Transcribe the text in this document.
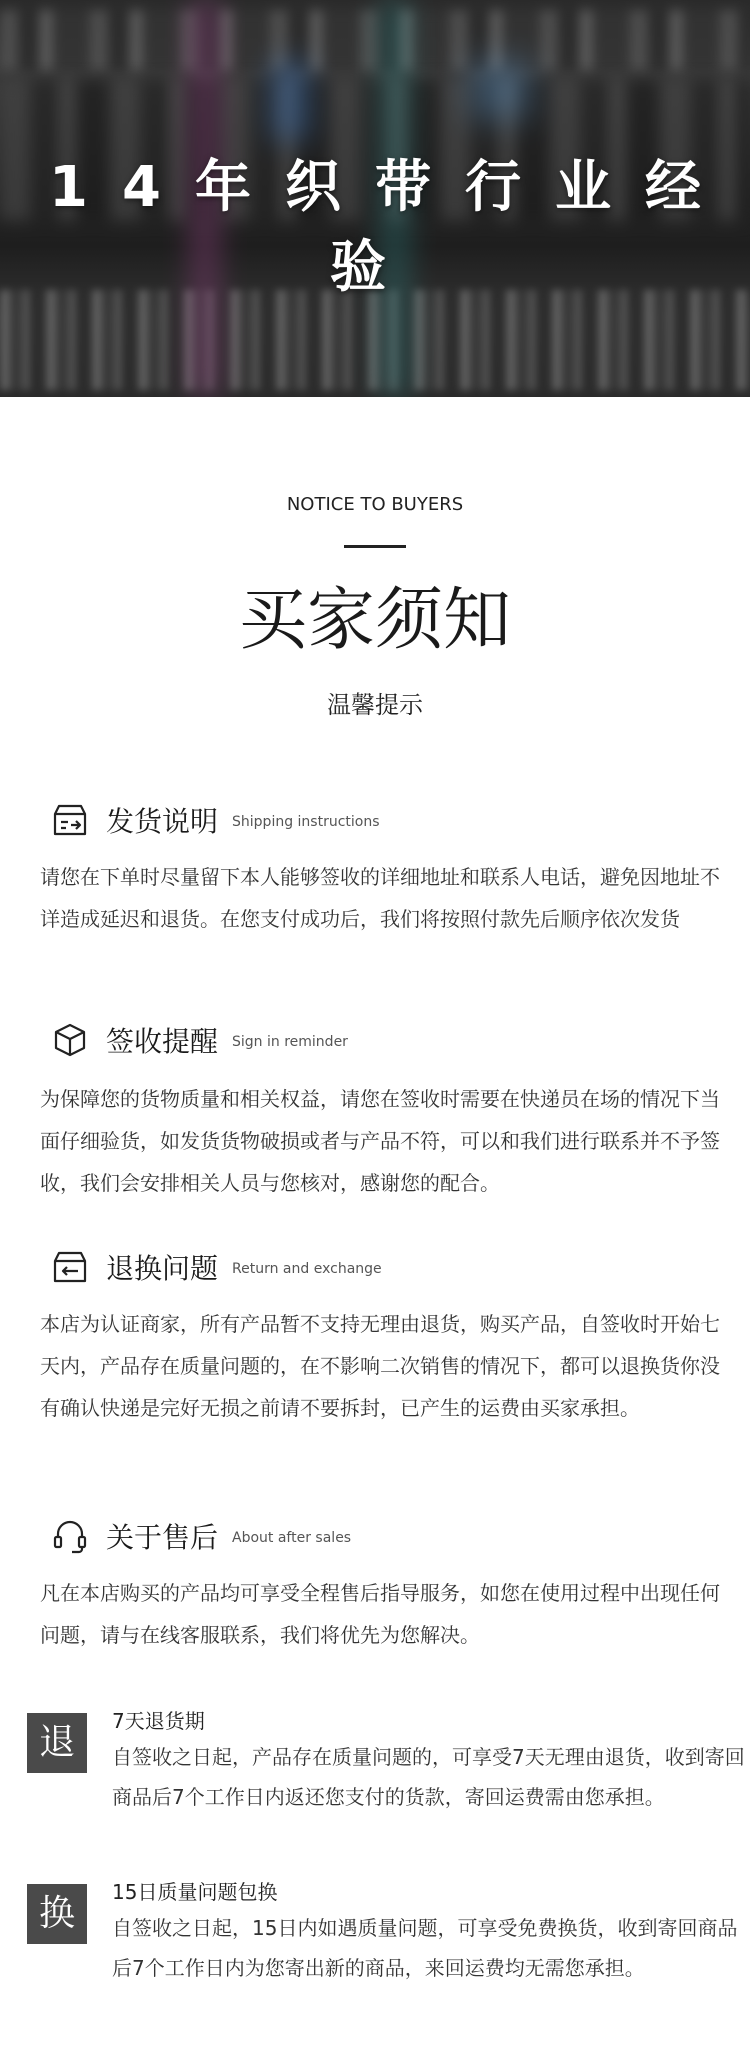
14年织带行业经验
NOTICE TO BUYERS
买家须知
温馨提示
发货说明 Shipping instructions
请您在下单时尽量留下本人能够签收的详细地址和联系人电话，避免因地址不详造成延迟和退货。在您支付成功后，我们将按照付款先后顺序依次发货
签收提醒 Sign in reminder
为保障您的货物质量和相关权益，请您在签收时需要在快递员在场的情况下当面仔细验货，如发货货物破损或者与产品不符，可以和我们进行联系并不予签收，我们会安排相关人员与您核对，感谢您的配合。
退换问题 Return and exchange
本店为认证商家，所有产品暂不支持无理由退货，购买产品，自签收时开始七天内，产品存在质量问题的，在不影响二次销售的情况下，都可以退换货你没有确认快递是完好无损之前请不要拆封，已产生的运费由买家承担。
关于售后 About after sales
凡在本店购买的产品均可享受全程售后指导服务，如您在使用过程中出现任何问题，请与在线客服联系，我们将优先为您解决。
退
7天退货期
自签收之日起，产品存在质量问题的，可享受7天无理由退货，收到寄回商品后7个工作日内返还您支付的货款，寄回运费需由您承担。
换
15日质量问题包换
自签收之日起，15日内如遇质量问题，可享受免费换货，收到寄回商品后7个工作日内为您寄出新的商品，来回运费均无需您承担。
